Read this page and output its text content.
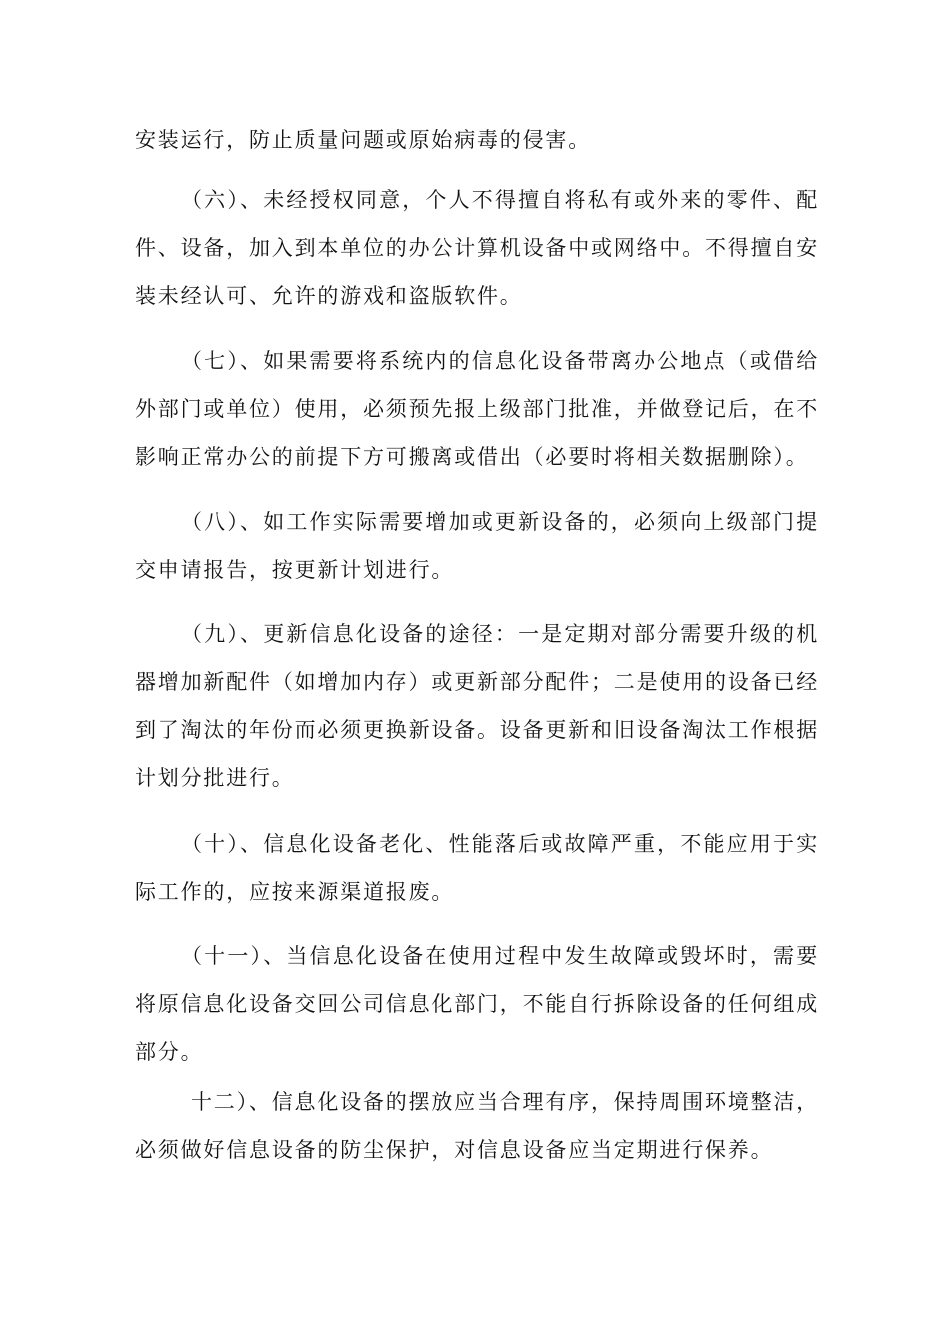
安装运行，防止质量问题或原始病毒的侵害。

（六）、未经授权同意，个人不得擅自将私有或外来的零件、配件、设备，加入到本单位的办公计算机设备中或网络中。不得擅自安装未经认可、允许的游戏和盗版软件。

（七）、如果需要将系统内的信息化设备带离办公地点（或借给外部门或单位）使用，必须预先报上级部门批准，并做登记后，在不影响正常办公的前提下方可搬离或借出（必要时将相关数据删除）。

（八）、如工作实际需要增加或更新设备的，必须向上级部门提交申请报告，按更新计划进行。

（九）、更新信息化设备的途径：一是定期对部分需要升级的机器增加新配件（如增加内存）或更新部分配件；二是使用的设备已经到了淘汰的年份而必须更换新设备。设备更新和旧设备淘汰工作根据计划分批进行。

（十）、信息化设备老化、性能落后或故障严重，不能应用于实际工作的，应按来源渠道报废。

（十一）、当信息化设备在使用过程中发生故障或毁坏时，需要将原信息化设备交回公司信息化部门，不能自行拆除设备的任何组成部分。

十二）、信息化设备的摆放应当合理有序，保持周围环境整洁，必须做好信息设备的防尘保护，对信息设备应当定期进行保养。
